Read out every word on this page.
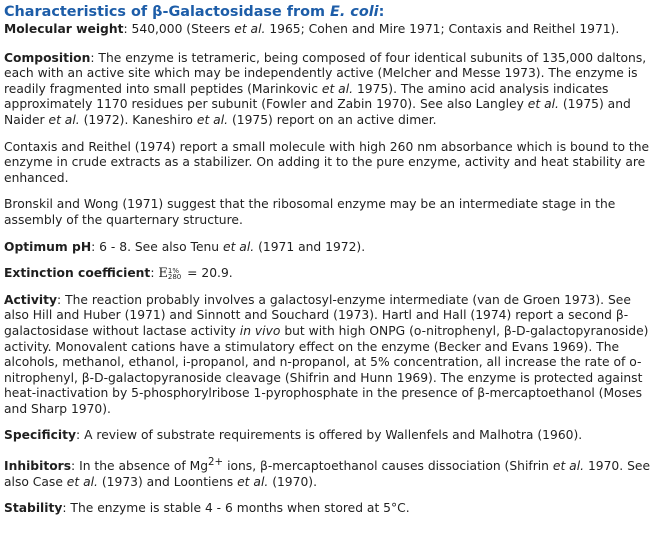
Characteristics of β-Galactosidase from E. coli:

Molecular weight: 540,000 (Steers et al. 1965; Cohen and Mire 1971; Contaxis and Reithel 1971).

Composition: The enzyme is tetrameric, being composed of four identical subunits of 135,000 daltons, each with an active site which may be independently active (Melcher and Messe 1973). The enzyme is readily fragmented into small peptides (Marinkovic et al. 1975). The amino acid analysis indicates approximately 1170 residues per subunit (Fowler and Zabin 1970). See also Langley et al. (1975) and Naider et al. (1972). Kaneshiro et al. (1975) report on an active dimer.

Contaxis and Reithel (1974) report a small molecule with high 260 nm absorbance which is bound to the enzyme in crude extracts as a stabilizer. On adding it to the pure enzyme, activity and heat stability are enhanced.

Bronskil and Wong (1971) suggest that the ribosomal enzyme may be an intermediate stage in the assembly of the quarternary structure.

Optimum pH: 6 - 8. See also Tenu et al. (1971 and 1972).

Extinction coefficient: E 1%
280 = 20.9.

Activity: The reaction probably involves a galactosyl-enzyme intermediate (van de Groen 1973). See also Hill and Huber (1971) and Sinnott and Souchard (1973). Hartl and Hall (1974) report a second β-galactosidase without lactase activity in vivo but with high ONPG (o-nitrophenyl, β-D-galactopyranoside) activity. Monovalent cations have a stimulatory effect on the enzyme (Becker and Evans 1969). The alcohols, methanol, ethanol, i-propanol, and n-propanol, at 5% concentration, all increase the rate of o-nitrophenyl, β-D-galactopyranoside cleavage (Shifrin and Hunn 1969). The enzyme is protected against heat-inactivation by 5-phosphorylribose 1-pyrophosphate in the presence of β-mercaptoethanol (Moses and Sharp 1970).

Specificity: A review of substrate requirements is offered by Wallenfels and Malhotra (1960).

Inhibitors: In the absence of $Mg^{2+}$ ions, β-mercaptoethanol causes dissociation (Shifrin et al. 1970. See also Case et al. (1973) and Loontiens et al. (1970).

Stability: The enzyme is stable 4 - 6 months when stored at 5°C.
